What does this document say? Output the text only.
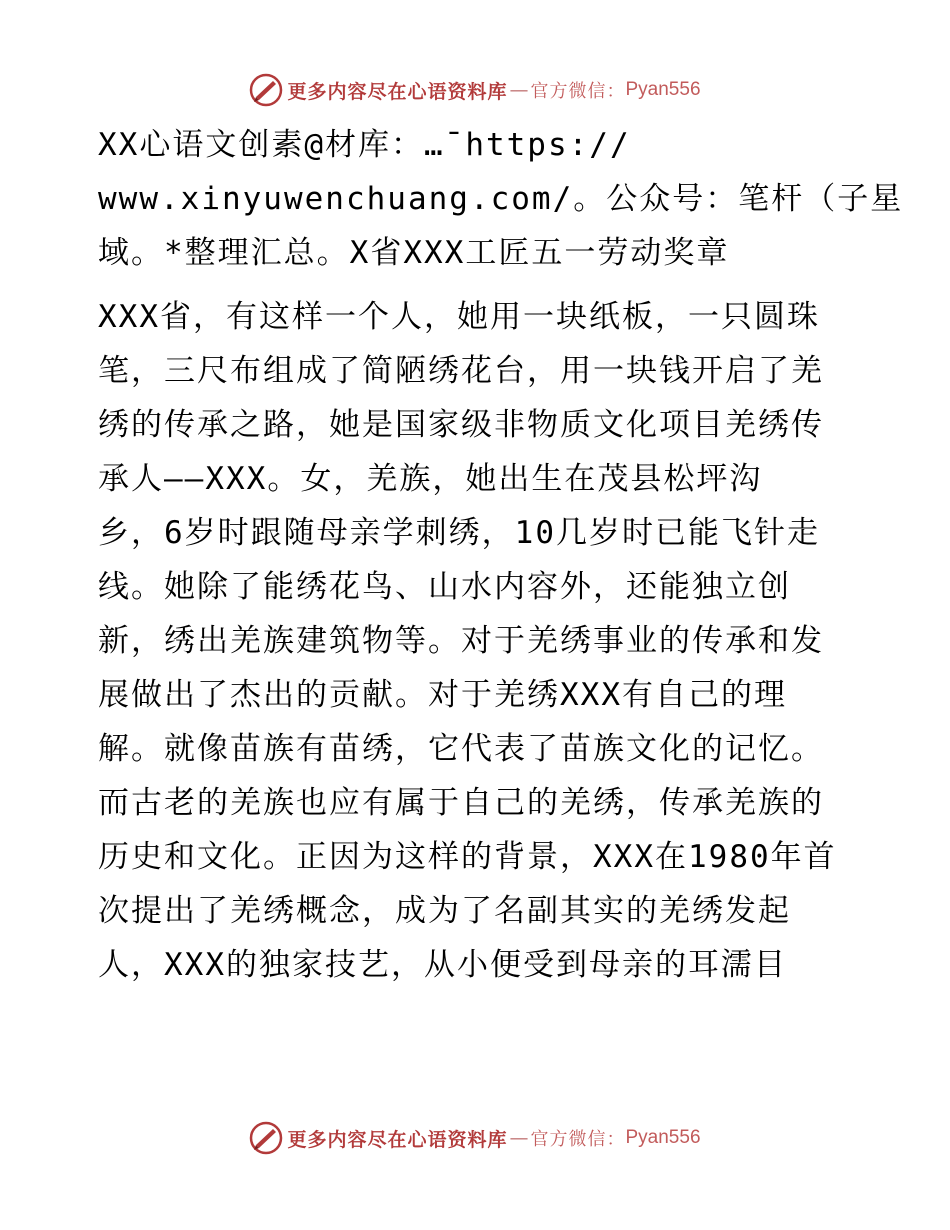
更多内容尽在心语资料库 — 官方微信： Pyan556
XX心语文创素@材库：…¯https://
www.xinyuwenchuang.com/。公众号：笔杆（子星
域。*整理汇总。X省XXX工匠五一劳动奖章
XXX省，有这样一个人，她用一块纸板，一只圆珠
笔，三尺布组成了简陋绣花台，用一块钱开启了羌
绣的传承之路，她是国家级非物质文化项目羌绣传
承人——XXX。女，羌族，她出生在茂县松坪沟
乡，6岁时跟随母亲学刺绣，10几岁时已能飞针走
线。她除了能绣花鸟、山水内容外，还能独立创
新，绣出羌族建筑物等。对于羌绣事业的传承和发
展做出了杰出的贡献。对于羌绣XXX有自己的理
解。就像苗族有苗绣，它代表了苗族文化的记忆。
而古老的羌族也应有属于自己的羌绣，传承羌族的
历史和文化。正因为这样的背景，XXX在1980年首
次提出了羌绣概念，成为了名副其实的羌绣发起
人，XXX的独家技艺，从小便受到母亲的耳濡目
更多内容尽在心语资料库 — 官方微信： Pyan556
